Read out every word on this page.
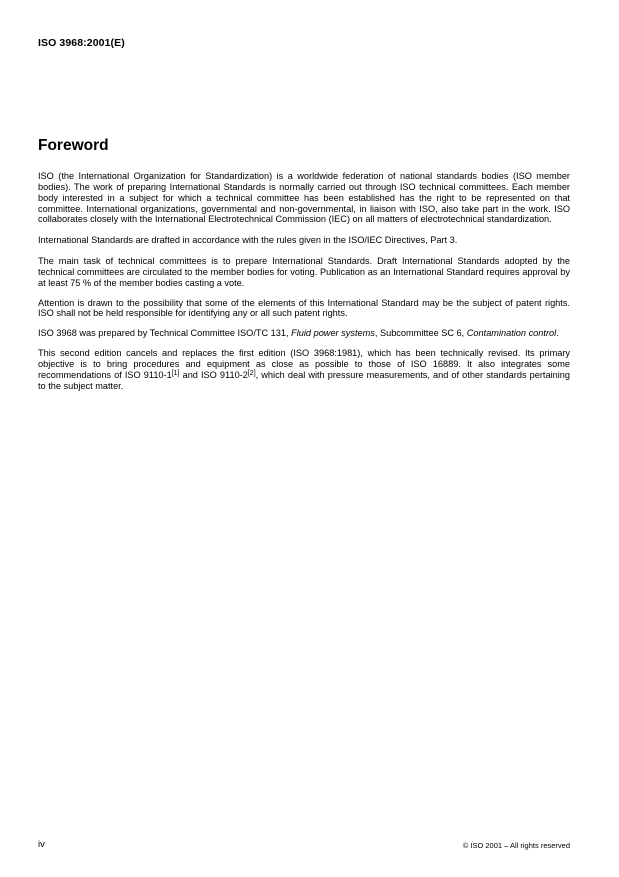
ISO 3968:2001(E)
Foreword

ISO (the International Organization for Standardization) is a worldwide federation of national standards bodies (ISO member bodies). The work of preparing International Standards is normally carried out through ISO technical committees. Each member body interested in a subject for which a technical committee has been established has the right to be represented on that committee. International organizations, governmental and non-governmental, in liaison with ISO, also take part in the work. ISO collaborates closely with the International Electrotechnical Commission (IEC) on all matters of electrotechnical standardization.

International Standards are drafted in accordance with the rules given in the ISO/IEC Directives, Part 3.

The main task of technical committees is to prepare International Standards. Draft International Standards adopted by the technical committees are circulated to the member bodies for voting. Publication as an International Standard requires approval by at least 75 % of the member bodies casting a vote.

Attention is drawn to the possibility that some of the elements of this International Standard may be the subject of patent rights. ISO shall not be held responsible for identifying any or all such patent rights.

ISO 3968 was prepared by Technical Committee ISO/TC 131, Fluid power systems, Subcommittee SC 6, Contamination control.

This second edition cancels and replaces the first edition (ISO 3968:1981), which has been technically revised. Its primary objective is to bring procedures and equipment as close as possible to those of ISO 16889. It also integrates some recommendations of ISO 9110-1[1] and ISO 9110-2[2], which deal with pressure measurements, and of other standards pertaining to the subject matter.

iv	© ISO 2001 – All rights reserved
